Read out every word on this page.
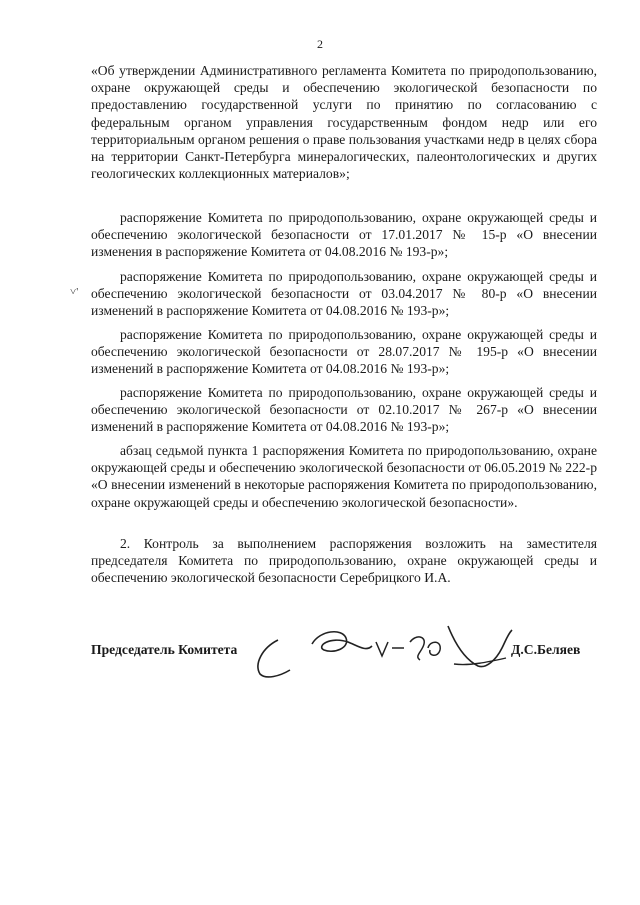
2
˅'
«Об утверждении Административного регламента Комитета по природопользованию, охране окружающей среды и обеспечению экологической безопасности по предоставлению государственной услуги по принятию по согласованию с федеральным органом управления государственным фондом недр или его территориальным органом решения о праве пользования участками недр в целях сбора на территории Санкт-Петербурга минералогических, палеонтологических и других геологических коллекционных материалов»;
распоряжение Комитета по природопользованию, охране окружающей среды и обеспечению экологической безопасности от 17.01.2017 № 15-р «О внесении изменения в распоряжение Комитета от 04.08.2016 № 193-р»;
распоряжение Комитета по природопользованию, охране окружающей среды и обеспечению экологической безопасности от 03.04.2017 № 80-р «О внесении изменений в распоряжение Комитета от 04.08.2016 № 193-р»;
распоряжение Комитета по природопользованию, охране окружающей среды и обеспечению экологической безопасности от 28.07.2017 № 195-р «О внесении изменений в распоряжение Комитета от 04.08.2016 № 193-р»;
распоряжение Комитета по природопользованию, охране окружающей среды и обеспечению экологической безопасности от 02.10.2017 № 267-р «О внесении изменений в распоряжение Комитета от 04.08.2016 № 193-р»;
абзац седьмой пункта 1 распоряжения Комитета по природопользованию, охране окружающей среды и обеспечению экологической безопасности от 06.05.2019 № 222-р «О внесении изменений в некоторые распоряжения Комитета по природопользованию, охране окружающей среды и обеспечению экологической безопасности».
2. Контроль за выполнением распоряжения возложить на заместителя председателя Комитета по природопользованию, охране окружающей среды и обеспечению экологической безопасности Серебрицкого И.А.
Председатель Комитета	Д.С.Беляев
